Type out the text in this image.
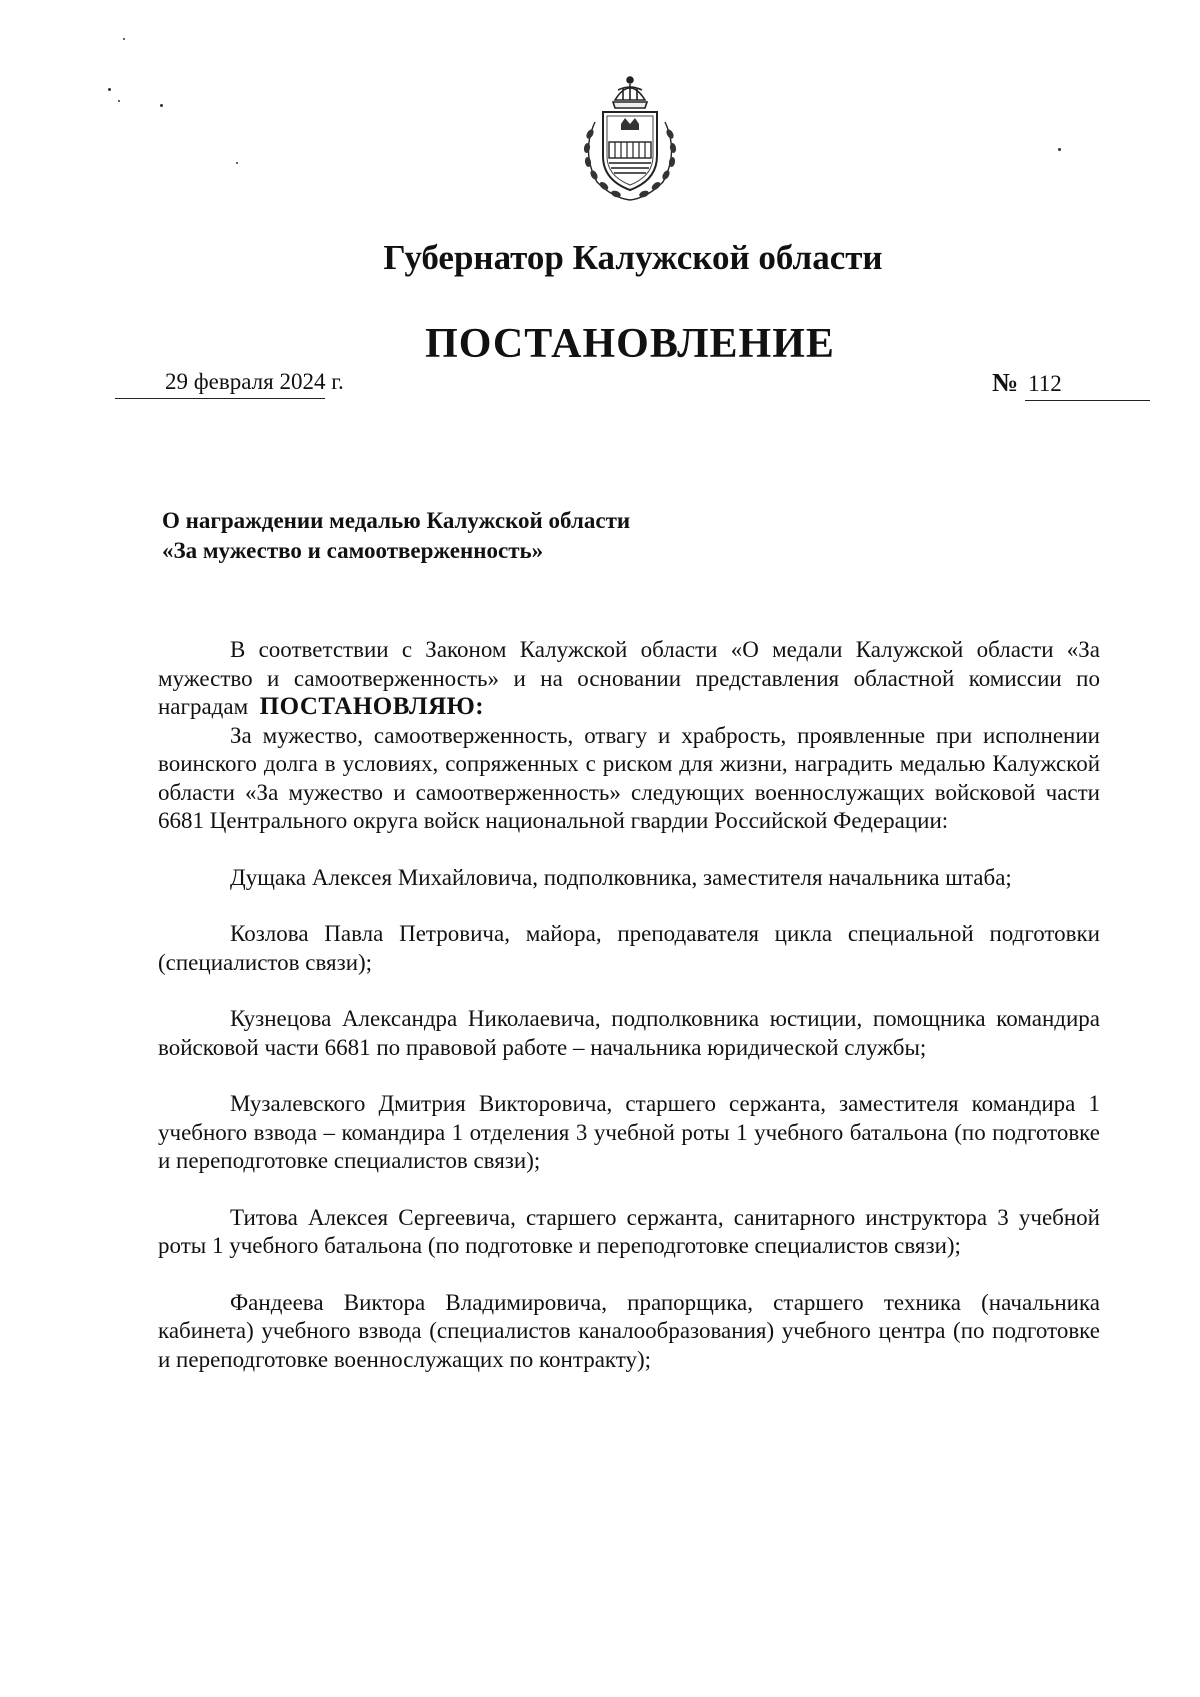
Губернатор Калужской области
ПОСТАНОВЛЕНИЕ
29 февраля 2024 г.	№ 112
О награждении медалью Калужской области
«За мужество и самоотверженность»

В соответствии с Законом Калужской области «О медали Калужской области «За мужество и самоотверженность» и на основании представления областной комиссии по наградам ПОСТАНОВЛЯЮ:

За мужество, самоотверженность, отвагу и храбрость, проявленные при исполнении воинского долга в условиях, сопряженных с риском для жизни, наградить медалью Калужской области «За мужество и самоотверженность» следующих военнослужащих войсковой части 6681 Центрального округа войск национальной гвардии Российской Федерации:

Дущака Алексея Михайловича, подполковника, заместителя начальника штаба;

Козлова Павла Петровича, майора, преподавателя цикла специальной подготовки (специалистов связи);

Кузнецова Александра Николаевича, подполковника юстиции, помощника командира войсковой части 6681 по правовой работе – начальника юридической службы;

Музалевского Дмитрия Викторовича, старшего сержанта, заместителя командира 1 учебного взвода – командира 1 отделения 3 учебной роты 1 учебного батальона (по подготовке и переподготовке специалистов связи);

Титова Алексея Сергеевича, старшего сержанта, санитарного инструктора 3 учебной роты 1 учебного батальона (по подготовке и переподготовке специалистов связи);

Фандеева Виктора Владимировича, прапорщика, старшего техника (начальника кабинета) учебного взвода (специалистов каналообразования) учебного центра (по подготовке и переподготовке военнослужащих по контракту);
